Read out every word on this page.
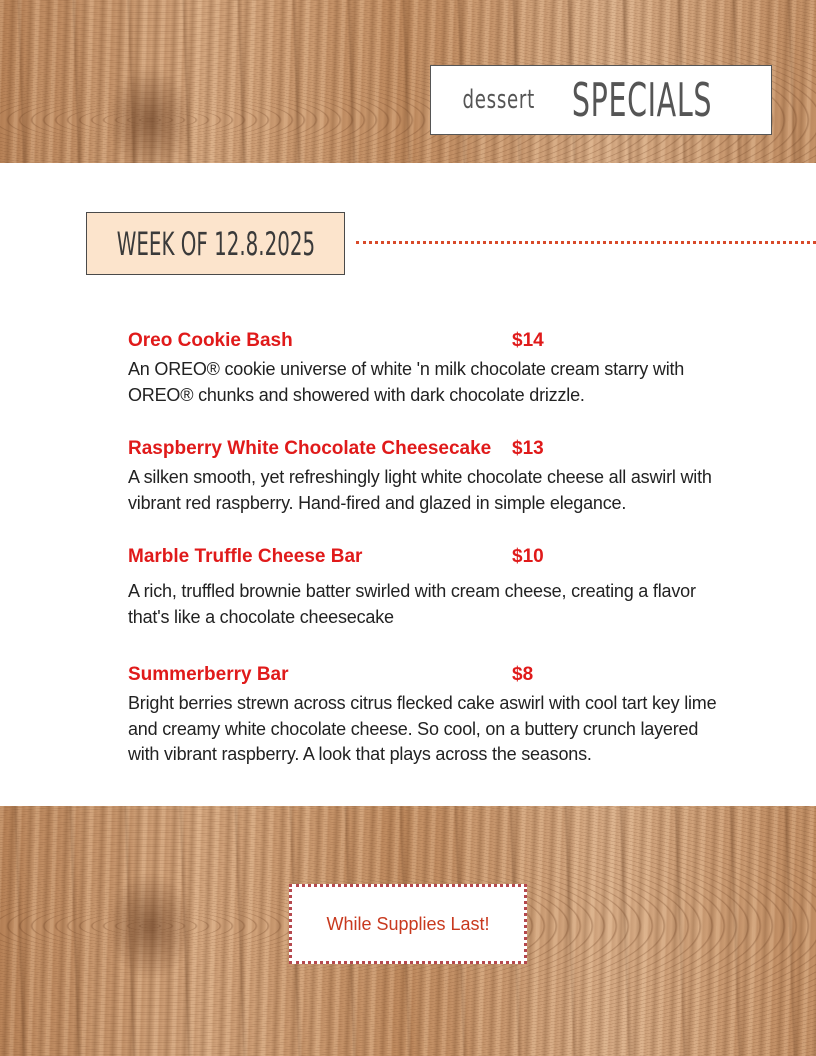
dessert SPECIALS
WEEK OF 12.8.2025
Oreo Cookie Bash	$14
An OREO® cookie universe of white 'n milk chocolate cream starry with OREO® chunks and showered with dark chocolate drizzle.
Raspberry White Chocolate Cheesecake $13
A silken smooth, yet refreshingly light white chocolate cheese all aswirl with vibrant red raspberry. Hand-fired and glazed in simple elegance.
Marble Truffle Cheese Bar	$10
A rich, truffled brownie batter swirled with cream cheese, creating a flavor that's like a chocolate cheesecake
Summerberry Bar	$8
Bright berries strewn across citrus flecked cake aswirl with cool tart key lime and creamy white chocolate cheese. So cool, on a buttery crunch layered with vibrant raspberry. A look that plays across the seasons.
While Supplies Last!
